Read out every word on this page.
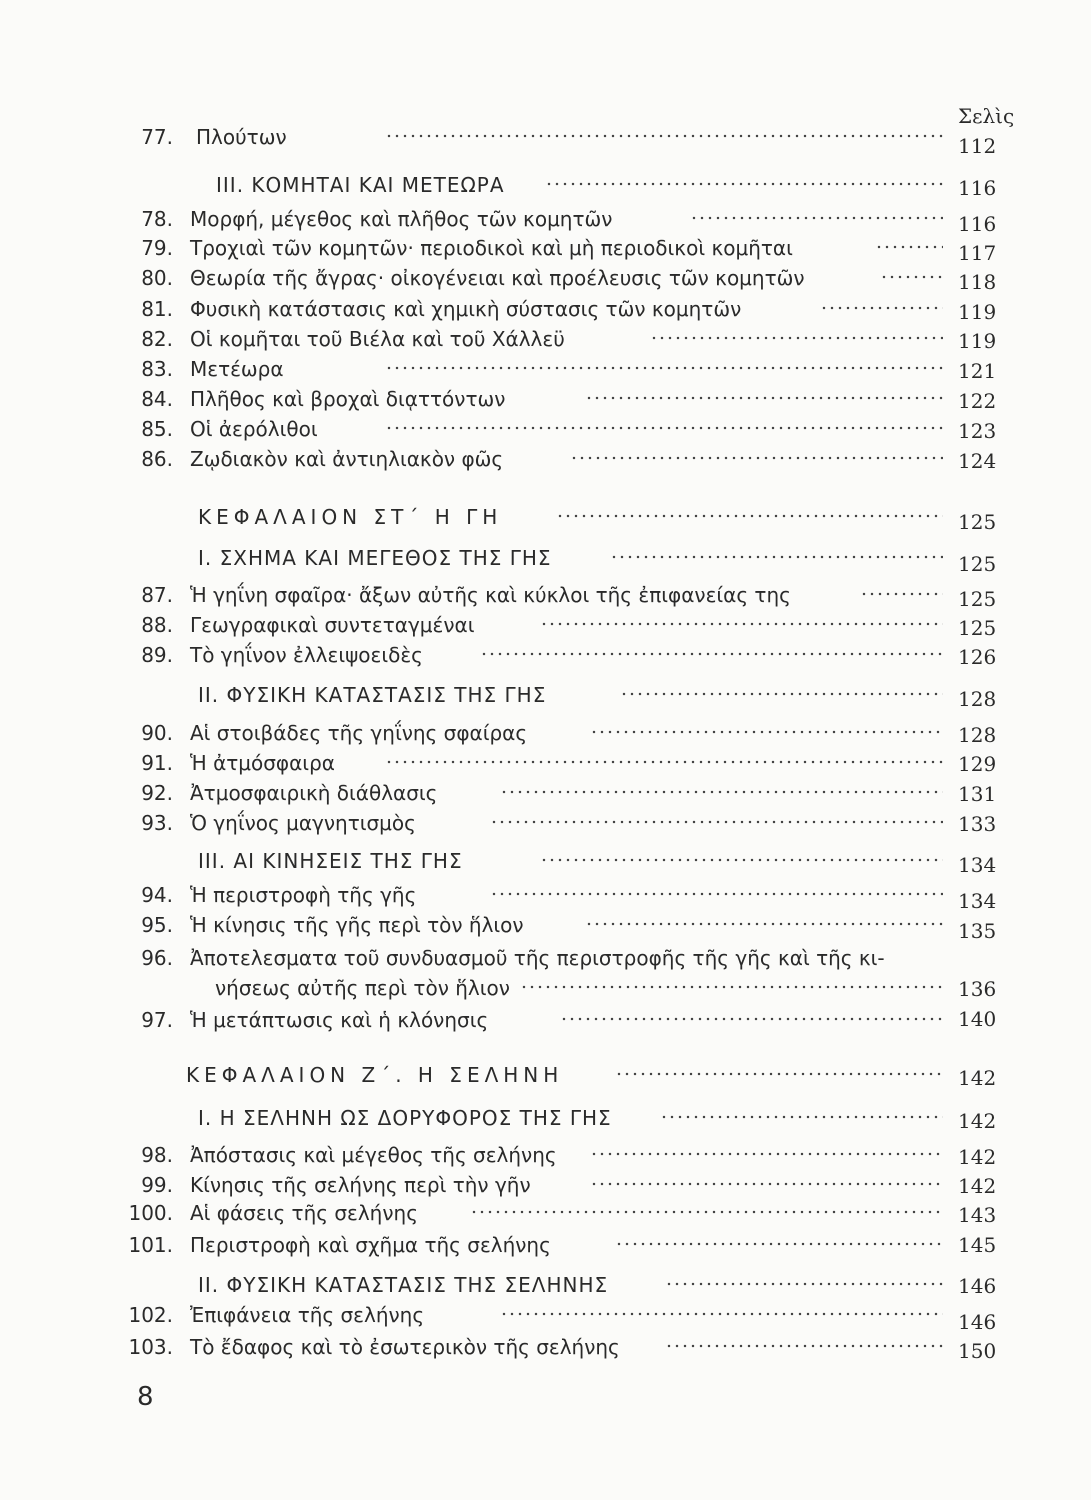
Σελὶς
77. Πλούτων	112
III. ΚΟΜΗΤΑΙ ΚΑΙ ΜΕΤΕΩΡΑ	116
78. Μορφή, μέγεθος καὶ πλῆθος τῶν κομητῶν	116
79. Τροχιαὶ τῶν κομητῶν· περιοδικοὶ καὶ μὴ περιοδικοὶ κομῆται	117
80. Θεωρία τῆς ἄγρας· οἰκογένειαι καὶ προέλευσις τῶν κομητῶν	118
81. Φυσικὴ κατάστασις καὶ χημικὴ σύστασις τῶν κομητῶν	119
82. Οἱ κομῆται τοῦ Βιέλα καὶ τοῦ Χάλλεϋ	119
83. Μετέωρα	121
84. Πλῆθος καὶ βροχαὶ διᾳττόντων	122
85. Οἱ ἀερόλιθοι	123
86. Ζῳδιακὸν καὶ ἀντιηλιακὸν φῶς	124
ΚΕΦΑΛΑΙΟΝ ΣΤ΄ Η ΓΗ	125
I. ΣΧΗΜΑ ΚΑΙ ΜΕΓΕΘΟΣ ΤΗΣ ΓΗΣ	125
87. Ἡ γηΐνη σφαῖρα· ἄξων αὐτῆς καὶ κύκλοι τῆς ἐπιφανείας της	125
88. Γεωγραφικαὶ συντεταγμέναι	125
89. Τὸ γηΐνον ἐλλειψοειδὲς	126
II. ΦΥΣΙΚΗ ΚΑΤΑΣΤΑΣΙΣ ΤΗΣ ΓΗΣ	128
90. Αἱ στοιβάδες τῆς γηΐνης σφαίρας	128
91. Ἡ ἀτμόσφαιρα	129
92. Ἀτμοσφαιρικὴ διάθλασις	131
93. Ὁ γηΐνος μαγνητισμὸς	133
III. ΑΙ ΚΙΝΗΣΕΙΣ ΤΗΣ ΓΗΣ	134
94. Ἡ περιστροφὴ τῆς γῆς	134
95. Ἡ κίνησις τῆς γῆς περὶ τὸν ἥλιον	135
96. Ἀποτελεσματα τοῦ συνδυασμοῦ τῆς περιστροφῆς τῆς γῆς καὶ τῆς κι-
νήσεως αὐτῆς περὶ τὸν ἥλιον	136
97. Ἡ μετάπτωσις καὶ ἡ κλόνησις	140
ΚΕΦΑΛΑΙΟΝ Ζ΄. Η ΣΕΛΗΝΗ	142
I. Η ΣΕΛΗΝΗ ΩΣ ΔΟΡΥΦΟΡΟΣ ΤΗΣ ΓΗΣ	142
98. Ἀπόστασις καὶ μέγεθος τῆς σελήνης	142
99. Κίνησις τῆς σελήνης περὶ τὴν γῆν	142
100. Αἱ φάσεις τῆς σελήνης	143
101. Περιστροφὴ καὶ σχῆμα τῆς σελήνης	145
II. ΦΥΣΙΚΗ ΚΑΤΑΣΤΑΣΙΣ ΤΗΣ ΣΕΛΗΝΗΣ	146
102. Ἐπιφάνεια τῆς σελήνης	146
103. Τὸ ἔδαφος καὶ τὸ ἐσωτερικὸν τῆς σελήνης	150
8
